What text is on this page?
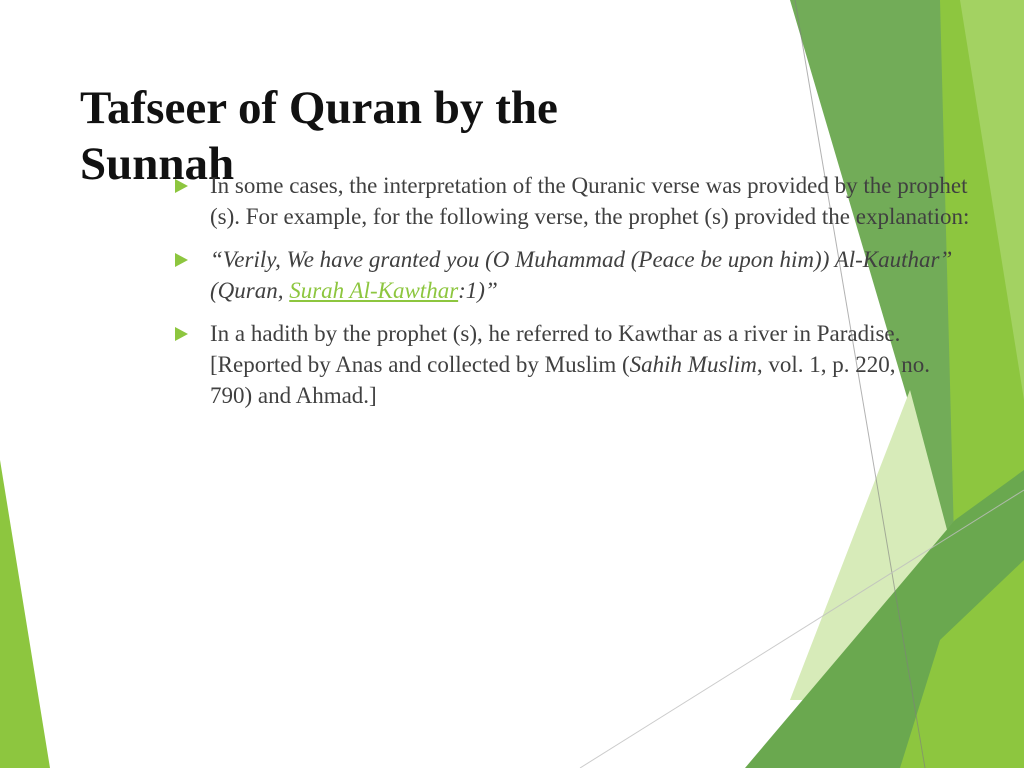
Tafseer of Quran by the Sunnah
In some cases, the interpretation of the Quranic verse was provided by the prophet (s). For example, for the following verse, the prophet (s) provided the explanation:
“Verily, We have granted you (O Muhammad (Peace be upon him)) Al-Kauthar” (Quran, Surah Al-Kawthar:1)”
In a hadith by the prophet (s), he referred to Kawthar as a river in Paradise. [Reported by Anas and collected by Muslim (Sahih Muslim, vol. 1, p. 220, no. 790) and Ahmad.]
